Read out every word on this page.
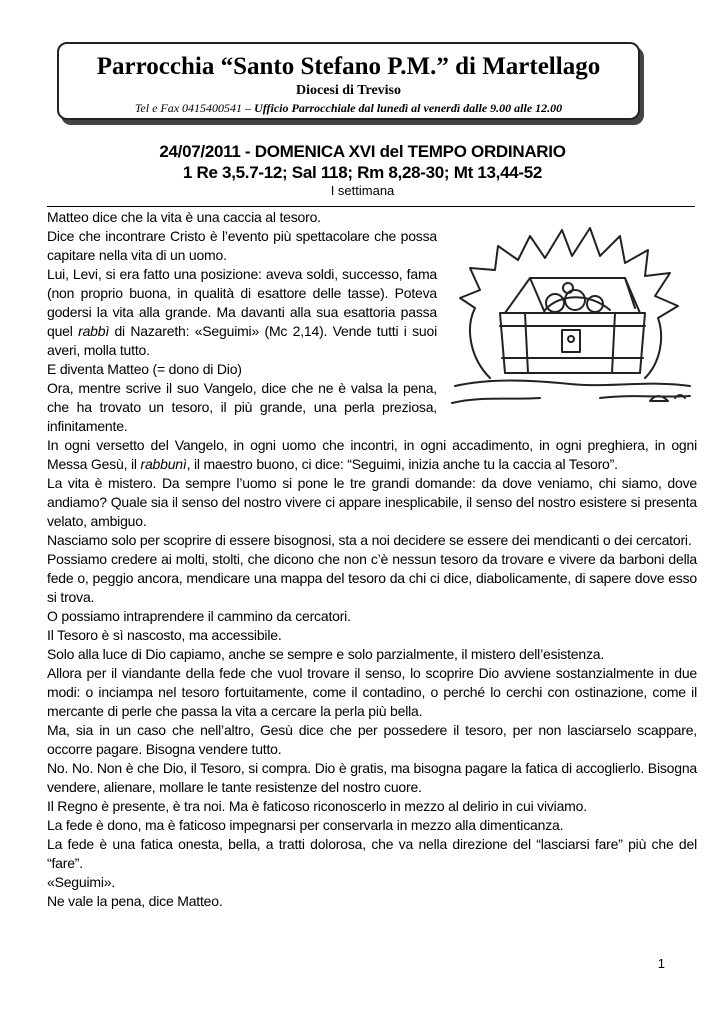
Parrocchia “Santo Stefano P.M.” di Martellago
Diocesi di Treviso
Tel e Fax 0415400541 – Ufficio Parrocchiale dal lunedì al venerdì dalle 9.00 alle 12.00
24/07/2011 - DOMENICA XVI del TEMPO ORDINARIO
1 Re 3,5.7-12; Sal 118; Rm 8,28-30; Mt 13,44-52
I settimana

Matteo dice che la vita è una caccia al tesoro.

Dice che incontrare Cristo è l’evento più spettacolare che possa capitare nella vita di un uomo.

Lui, Levi, si era fatto una posizione: aveva soldi, successo, fama (non proprio buona, in qualità di esattore delle tasse). Poteva godersi la vita alla grande. Ma davanti alla sua esattoria passa quel rabbì di Nazareth: «Seguimi» (Mc 2,14). Vende tutti i suoi averi, molla tutto.

E diventa Matteo (= dono di Dio)

Ora, mentre scrive il suo Vangelo, dice che ne è valsa la pena, che ha trovato un tesoro, il più grande, una perla preziosa, infinitamente.

In ogni versetto del Vangelo, in ogni uomo che incontri, in ogni accadimento, in ogni preghiera, in ogni Messa Gesù, il rabbunì, il maestro buono, ci dice: “Seguimi, inizia anche tu la caccia al Tesoro”.

La vita è mistero. Da sempre l’uomo si pone le tre grandi domande: da dove veniamo, chi siamo, dove andiamo? Quale sia il senso del nostro vivere ci appare inesplicabile, il senso del nostro esistere si presenta velato, ambiguo.

Nasciamo solo per scoprire di essere bisognosi, sta a noi decidere se essere dei mendicanti o dei cercatori.

Possiamo credere ai molti, stolti, che dicono che non c’è nessun tesoro da trovare e vivere da barboni della fede o, peggio ancora, mendicare una mappa del tesoro da chi ci dice, diabolicamente, di sapere dove esso si trova.

O possiamo intraprendere il cammino da cercatori.

Il Tesoro è sì nascosto, ma accessibile.

Solo alla luce di Dio capiamo, anche se sempre e solo parzialmente, il mistero dell’esistenza.

Allora per il viandante della fede che vuol trovare il senso, lo scoprire Dio avviene sostanzialmente in due modi: o inciampa nel tesoro fortuitamente, come il contadino, o perché lo cerchi con ostinazione, come il mercante di perle che passa la vita a cercare la perla più bella.

Ma, sia in un caso che nell’altro, Gesù dice che per possedere il tesoro, per non lasciarselo scappare, occorre pagare. Bisogna vendere tutto.

No. No. Non è che Dio, il Tesoro, si compra. Dio è gratis, ma bisogna pagare la fatica di accoglierlo. Bisogna vendere, alienare, mollare le tante resistenze del nostro cuore.

Il Regno è presente, è tra noi. Ma è faticoso riconoscerlo in mezzo al delirio in cui viviamo.

La fede è dono, ma è faticoso impegnarsi per conservarla in mezzo alla dimenticanza.

La fede è una fatica onesta, bella, a tratti dolorosa, che va nella direzione del “lasciarsi fare” più che del “fare”.

«Seguimi».

Ne vale la pena, dice Matteo.

1
